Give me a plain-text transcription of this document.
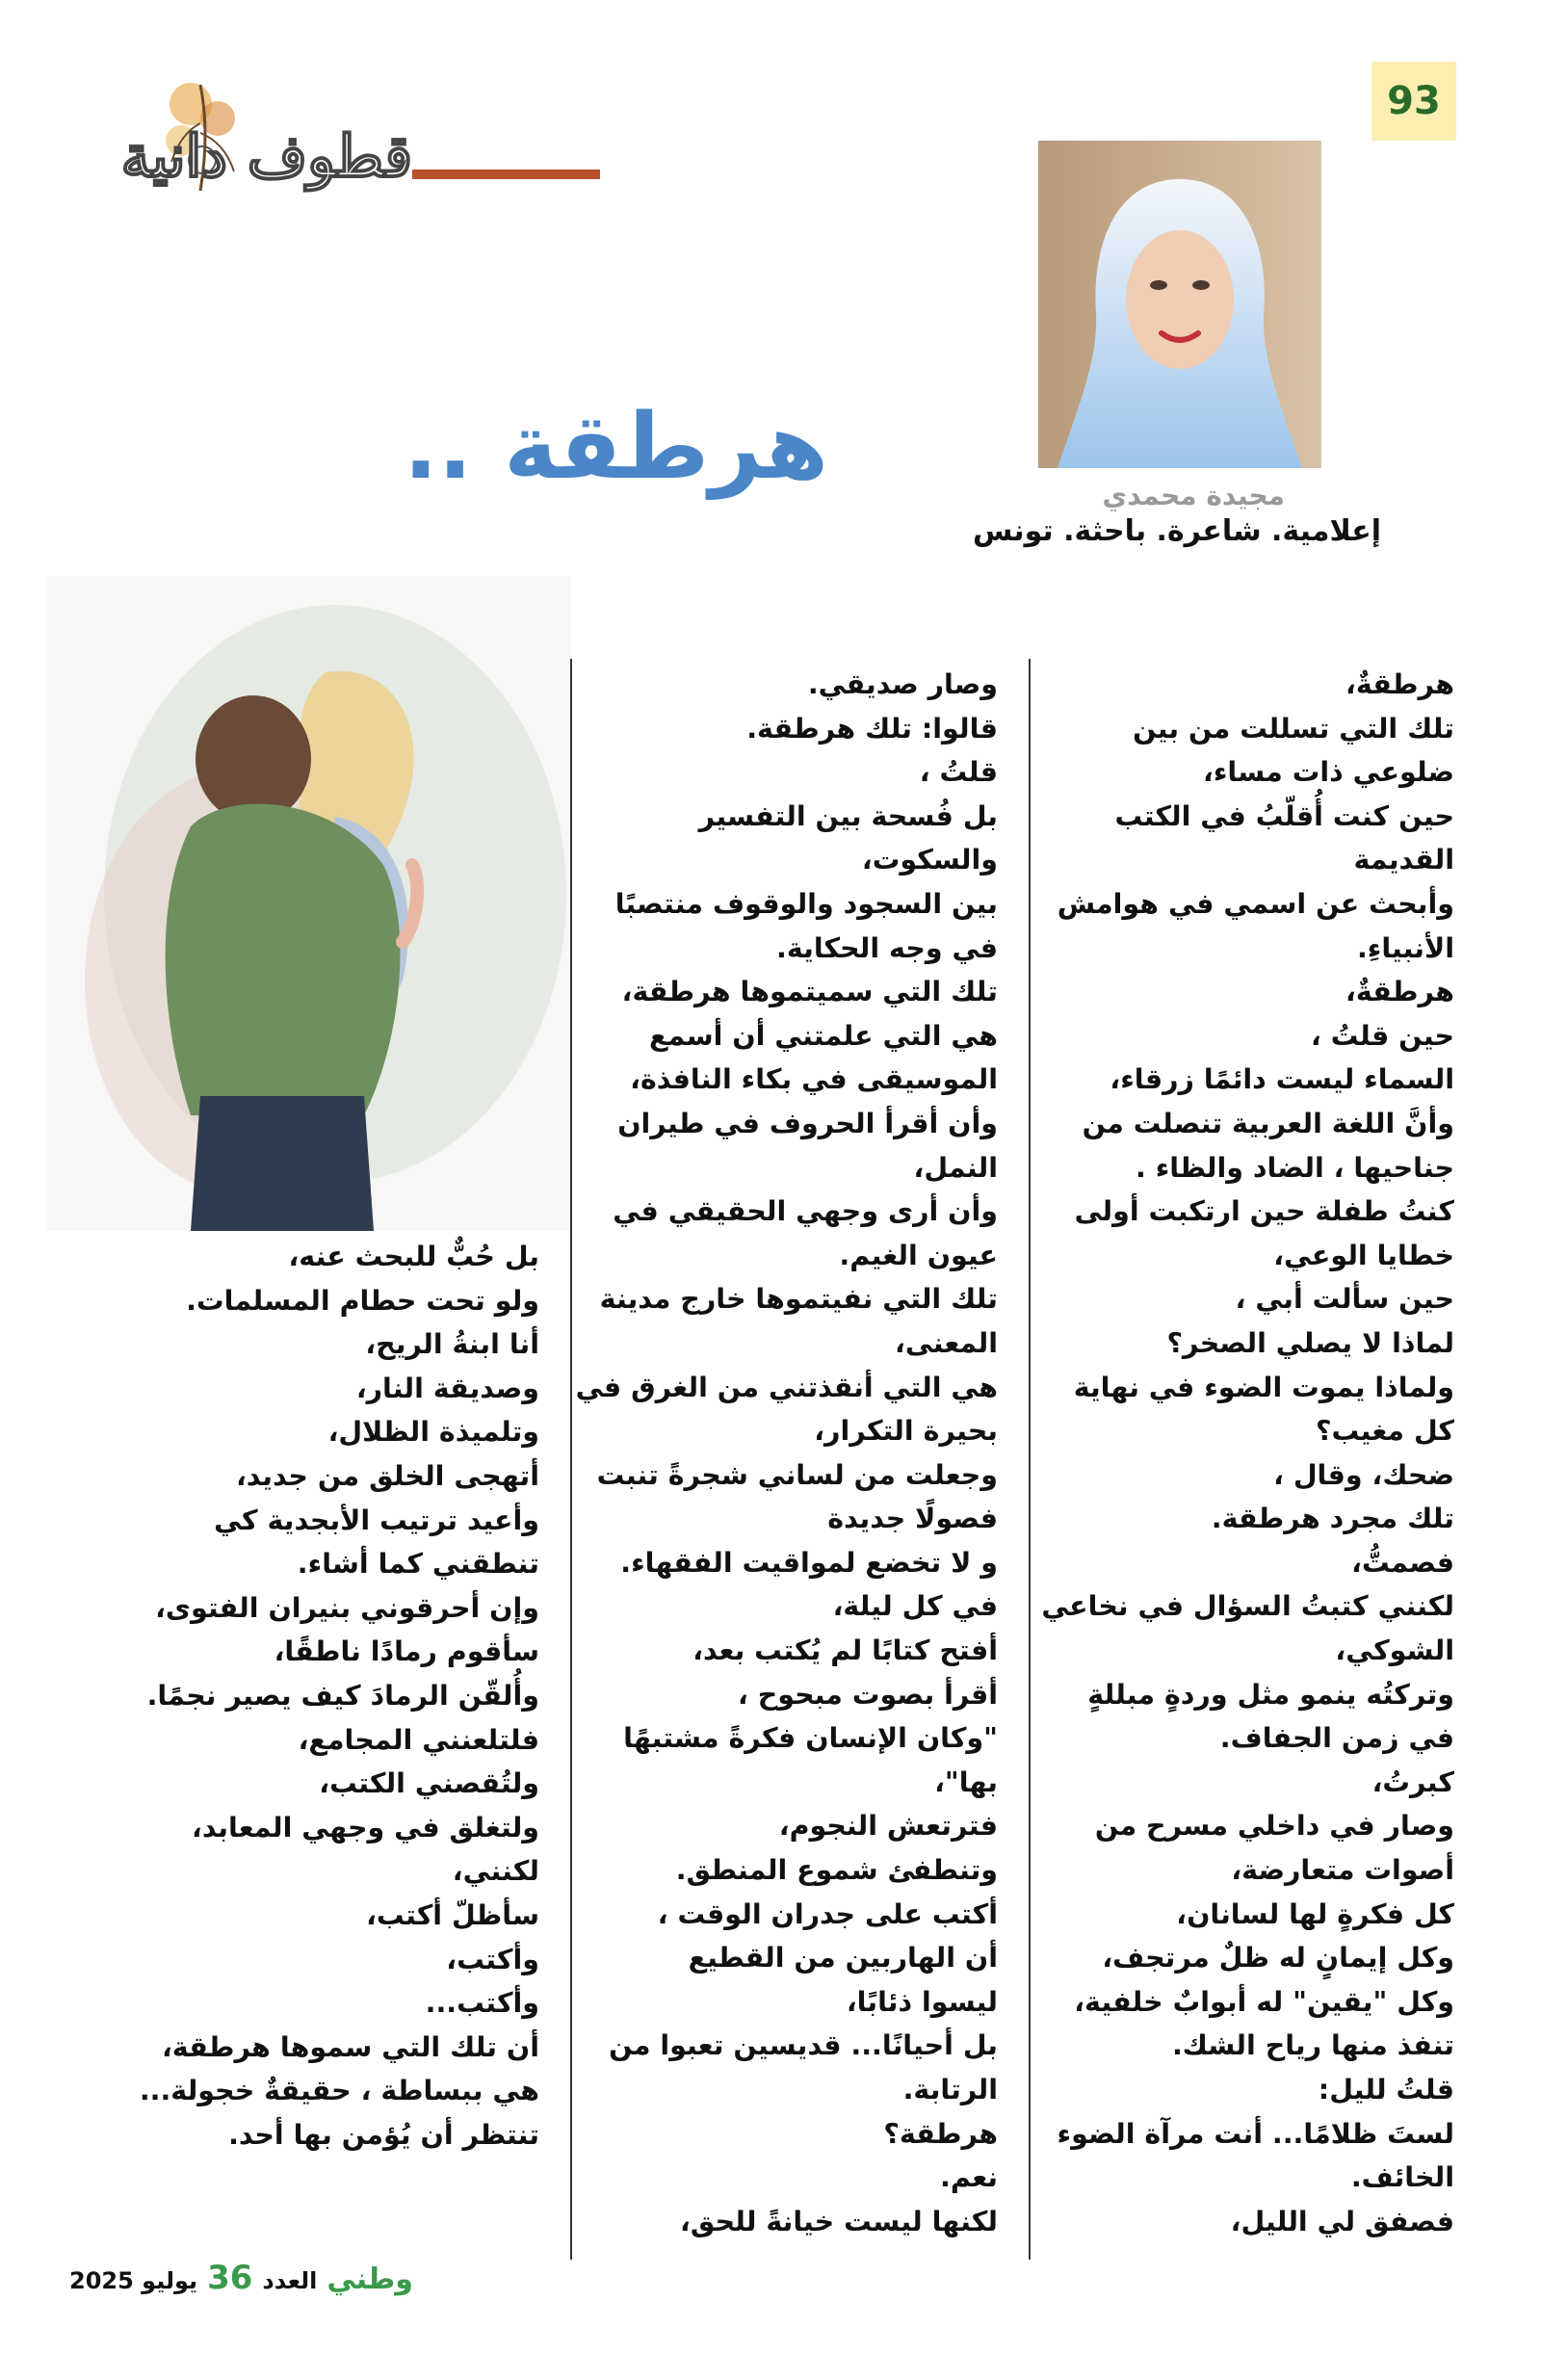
قطوف دانية
93
مجيدة محمدي
إعلامية. شاعرة. باحثة. تونس
هرطقة ..
هرطقةٌ،
تلك التي تسللت من بين
ضلوعي ذات مساء،
حين كنت أُقلّبُ في الكتب
القديمة
وأبحث عن اسمي في هوامش
الأنبياءِ.
هرطقةٌ،
حين قلتُ ،
السماء ليست دائمًا زرقاء،
وأنَّ اللغة العربية تنصلت من
جناحيها ، الضاد والظاء .
كنتُ طفلة حين ارتكبت أولى
خطايا الوعي،
حين سألت أبي ،
لماذا لا يصلي الصخر؟
ولماذا يموت الضوء في نهاية
كل مغيب؟
ضحك، وقال ،
تلك مجرد هرطقة.
فصمتُّ،
لكنني كتبتُ السؤال في نخاعي
الشوكي،
وتركتُه ينمو مثل وردةٍ مبللةٍ
في زمن الجفاف.
كبرتُ،
وصار في داخلي مسرح من
أصوات متعارضة،
كل فكرةٍ لها لسانان،
وكل إيمانٍ له ظلٌ مرتجف،
وكل "يقين" له أبوابٌ خلفية،
تنفذ منها رياح الشك.
قلتُ لليل:
لستَ ظلامًا... أنت مرآة الضوء
الخائف.
فصفق لي الليل،
وصار صديقي.
قالوا: تلك هرطقة.
قلتُ ،
بل فُسحة بين التفسير
والسكوت،
بين السجود والوقوف منتصبًا
في وجه الحكاية.
تلك التي سميتموها هرطقة،
هي التي علمتني أن أسمع
الموسيقى في بكاء النافذة،
وأن أقرأ الحروف في طيران
النمل،
وأن أرى وجهي الحقيقي في
عيون الغيم.
تلك التي نفيتموها خارج مدينة
المعنى،
هي التي أنقذتني من الغرق في
بحيرة التكرار،
وجعلت من لساني شجرةً تنبت
فصولًا جديدة
و لا تخضع لمواقيت الفقهاء.
في كل ليلة،
أفتح كتابًا لم يُكتب بعد،
أقرأ بصوت مبحوح ،
"وكان الإنسان فكرةً مشتبهًا
بها"،
فترتعش النجوم،
وتنطفئ شموع المنطق.
أكتب على جدران الوقت ،
أن الهاربين من القطيع
ليسوا ذئابًا،
بل أحيانًا... قديسين تعبوا من
الرتابة.
هرطقة؟
نعم.
لكنها ليست خيانةً للحق،
بل حُبٌّ للبحث عنه،
ولو تحت حطام المسلمات.
أنا ابنةُ الريح،
وصديقة النار،
وتلميذة الظلال،
أتهجى الخلق من جديد،
وأعيد ترتيب الأبجدية كي
تنطقني كما أشاء.
وإن أحرقوني بنيران الفتوى،
سأقوم رمادًا ناطقًا،
وأُلقّن الرمادَ كيف يصير نجمًا.
فلتلعنني المجامع،
ولتُقصني الكتب،
ولتغلق في وجهي المعابد،
لكنني،
سأظلّ أكتب،
وأكتب،
وأكتب...
أن تلك التي سموها هرطقة،
هي ببساطة ، حقيقةٌ خجولة...
تنتظر أن يُؤمن بها أحد.
وطني
العدد
36
يوليو 2025
